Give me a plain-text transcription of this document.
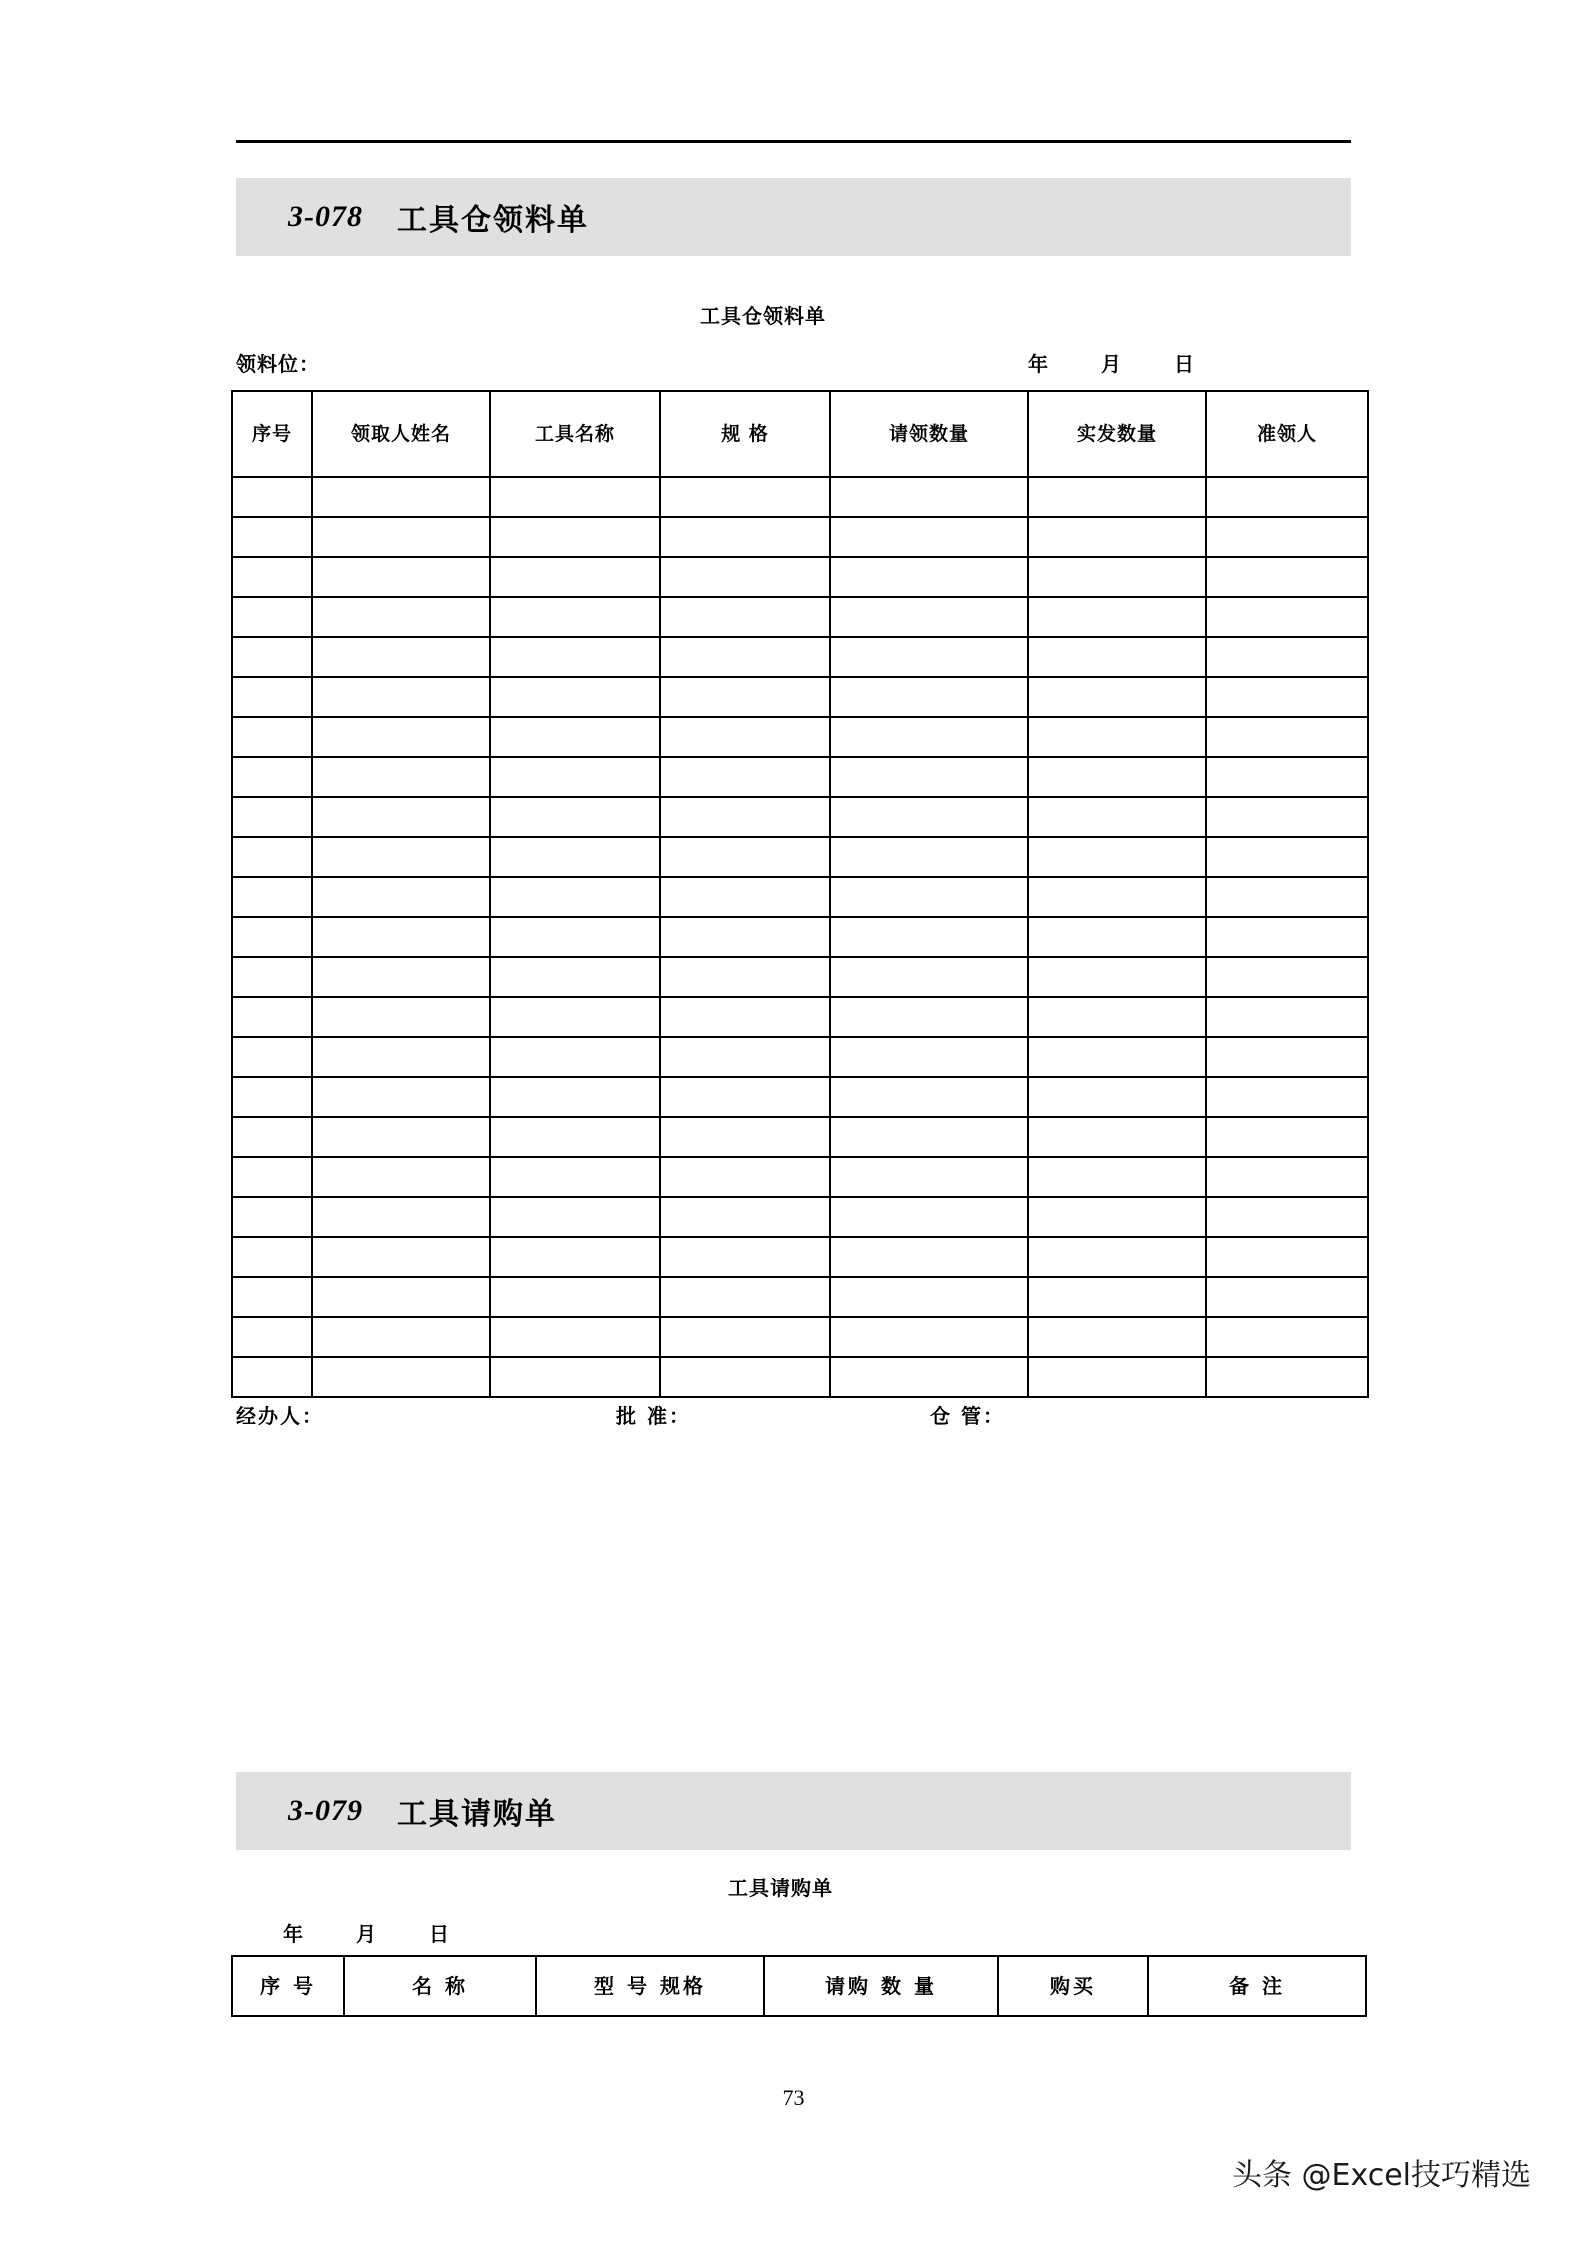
3-078 工具仓领料单
工具仓领料单
领料位：	年	月	日
序号	领取人姓名	工具名称	规 格	请领数量	实发数量	准领人

经办人：	批 准：	仓 管：
3-079 工具请购单
工具请购单
年	月	日
序 号	名 称	型 号 规格	请购 数 量	购买	备 注
73
头条 @Excel技巧精选
